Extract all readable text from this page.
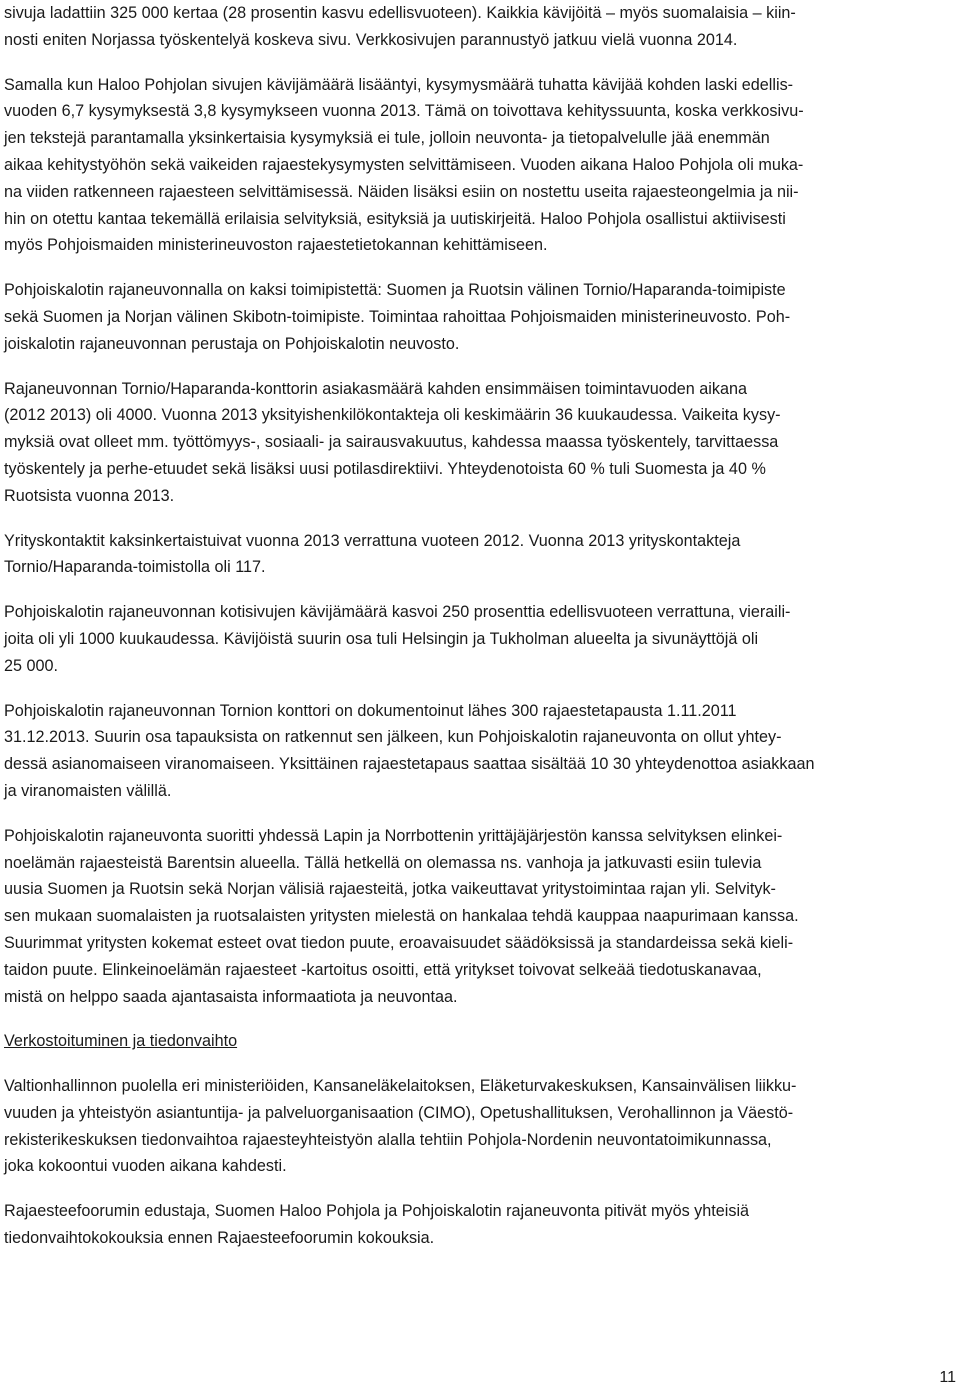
sivuja ladattiin 325 000 kertaa (28 prosentin kasvu edellisvuoteen). Kaikkia kävijöitä – myös suomalaisia – kiin-
nosti eniten Norjassa työskentelyä koskeva sivu. Verkkosivujen parannustyö jatkuu vielä vuonna 2014.

Samalla kun Haloo Pohjolan sivujen kävijämäärä lisääntyi, kysymysmäärä tuhatta kävijää kohden laski edellis-
vuoden 6,7 kysymyksestä 3,8 kysymykseen vuonna 2013. Tämä on toivottava kehityssuunta, koska verkkosivu-
jen tekstejä parantamalla yksinkertaisia kysymyksiä ei tule, jolloin neuvonta- ja tietopalvelulle jää enemmän
aikaa kehitystyöhön sekä vaikeiden rajaestekysymysten selvittämiseen. Vuoden aikana Haloo Pohjola oli muka-
na viiden ratkenneen rajaesteen selvittämisessä. Näiden lisäksi esiin on nostettu useita rajaesteongelmia ja nii-
hin on otettu kantaa tekemällä erilaisia selvityksiä, esityksiä ja uutiskirjeitä. Haloo Pohjola osallistui aktiivisesti
myös Pohjoismaiden ministerineuvoston rajaestetietokannan kehittämiseen.

Pohjoiskalotin rajaneuvonnalla on kaksi toimipistettä: Suomen ja Ruotsin välinen Tornio/Haparanda-toimipiste
sekä Suomen ja Norjan välinen Skibotn-toimipiste. Toimintaa rahoittaa Pohjoismaiden ministerineuvosto. Poh-
joiskalotin rajaneuvonnan perustaja on Pohjoiskalotin neuvosto.

Rajaneuvonnan Tornio/Haparanda-konttorin asiakasmäärä kahden ensimmäisen toimintavuoden aikana
(2012 2013) oli 4000. Vuonna 2013 yksityishenkilökontakteja oli keskimäärin 36 kuukaudessa. Vaikeita kysy-
myksiä ovat olleet mm. työttömyys-, sosiaali- ja sairausvakuutus, kahdessa maassa työskentely, tarvittaessa
työskentely ja perhe-etuudet sekä lisäksi uusi potilasdirektiivi. Yhteydenotoista 60 % tuli Suomesta ja 40 %
Ruotsista vuonna 2013.

Yrityskontaktit kaksinkertaistuivat vuonna 2013 verrattuna vuoteen 2012. Vuonna 2013 yrityskontakteja
Tornio/Haparanda-toimistolla oli 117.

Pohjoiskalotin rajaneuvonnan kotisivujen kävijämäärä kasvoi 250 prosenttia edellisvuoteen verrattuna, vieraili-
joita oli yli 1000 kuukaudessa. Kävijöistä suurin osa tuli Helsingin ja Tukholman alueelta ja sivunäyttöjä oli
25 000.

Pohjoiskalotin rajaneuvonnan Tornion konttori on dokumentoinut lähes 300 rajaestetapausta 1.11.2011
31.12.2013. Suurin osa tapauksista on ratkennut sen jälkeen, kun Pohjoiskalotin rajaneuvonta on ollut yhtey-
dessä asianomaiseen viranomaiseen. Yksittäinen rajaestetapaus saattaa sisältää 10 30 yhteydenottoa asiakkaan
ja viranomaisten välillä.

Pohjoiskalotin rajaneuvonta suoritti yhdessä Lapin ja Norrbottenin yrittäjäjärjestön kanssa selvityksen elinkei-
noelämän rajaesteistä Barentsin alueella. Tällä hetkellä on olemassa ns. vanhoja ja jatkuvasti esiin tulevia
uusia Suomen ja Ruotsin sekä Norjan välisiä rajaesteitä, jotka vaikeuttavat yritystoimintaa rajan yli. Selvityk-
sen mukaan suomalaisten ja ruotsalaisten yritysten mielestä on hankalaa tehdä kauppaa naapurimaan kanssa.
Suurimmat yritysten kokemat esteet ovat tiedon puute, eroavaisuudet säädöksissä ja standardeissa sekä kieli-
taidon puute. Elinkeinoelämän rajaesteet -kartoitus osoitti, että yritykset toivovat selkeää tiedotuskanavaa,
mistä on helppo saada ajantasaista informaatiota ja neuvontaa.

Verkostoituminen ja tiedonvaihto

Valtionhallinnon puolella eri ministeriöiden, Kansaneläkelaitoksen, Eläketurvakeskuksen, Kansainvälisen liikku-
vuuden ja yhteistyön asiantuntija- ja palveluorganisaation (CIMO), Opetushallituksen, Verohallinnon ja Väestö-
rekisterikeskuksen tiedonvaihtoa rajaesteyhteistyön alalla tehtiin Pohjola-Nordenin neuvontatoimikunnassa,
joka kokoontui vuoden aikana kahdesti.

Rajaesteefoorumin edustaja, Suomen Haloo Pohjola ja Pohjoiskalotin rajaneuvonta pitivät myös yhteisiä
tiedonvaihtokokouksia ennen Rajaesteefoorumin kokouksia.

11
